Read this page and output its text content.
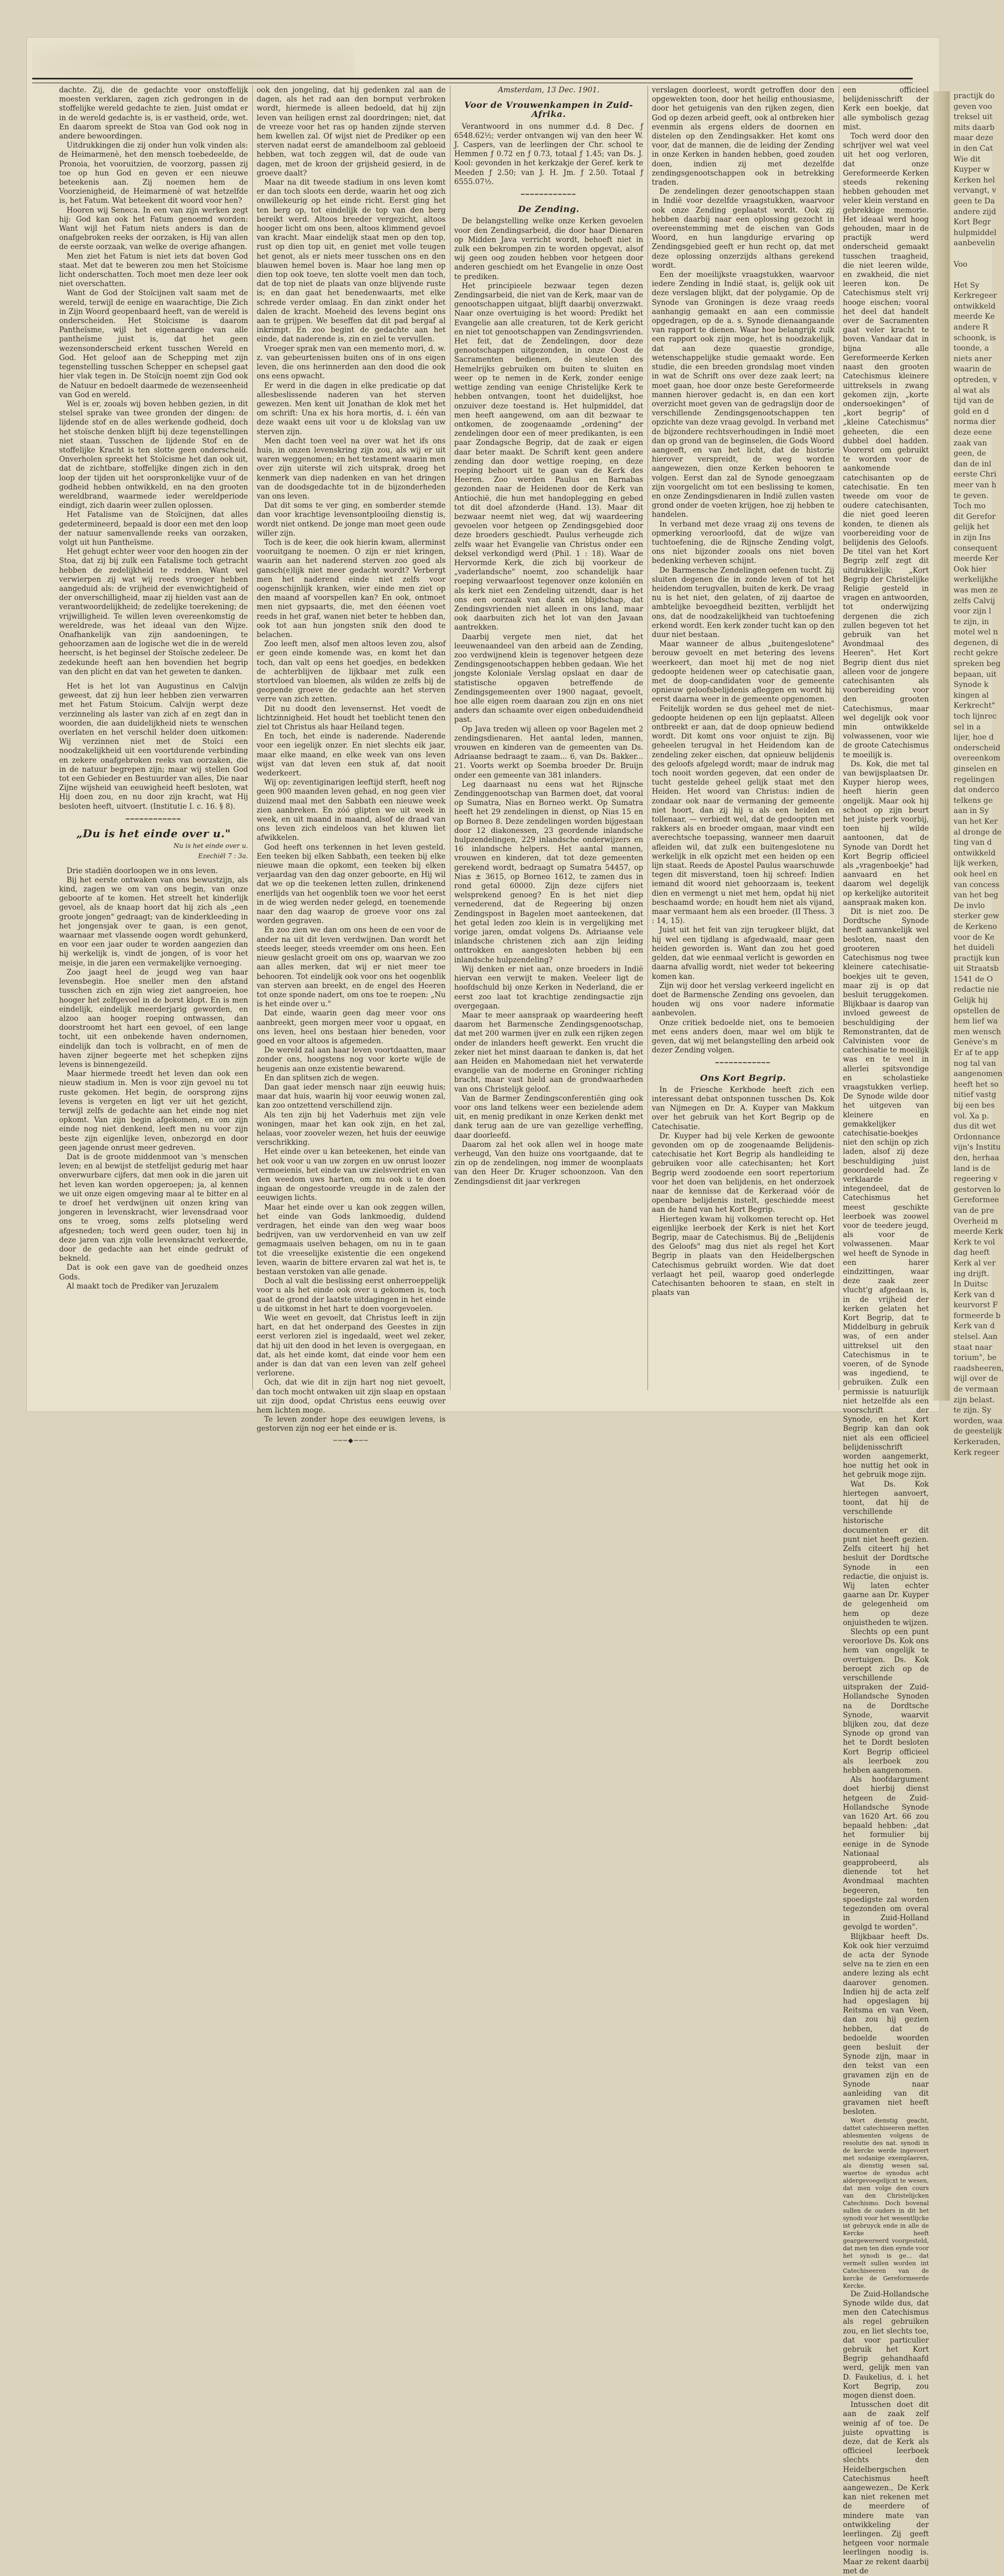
practijk do
geven voo
treksel uit
mits daarb
maar deze
in den Cat
Wie dit
Kuyper w
Kerken hel
vervangt, v
geen te Da
andere zijd
Kort Begr
hulpmiddel
aanbevelin

Voo

Het Sy
Kerkregeer
ontwikkeld
meerde Ke
andere R
schoonk, is
toonde, a
niets aner
waarin de
optreden, v
al wat als
tijd van de
gold en d
norma dier
deze eene
zaak van
geen, de
dan de inl
eerste Chri
meer van h
te geven.
Toch mo
dit Gerefor
gelijk het
in zijn Ins
consequent
meerde Ker
Ook hier
werkelijkhe
was men ze
zelfs Calvij
voor zijn l
te zijn, in
motel wel n
degenen, di
recht gekre
spreken beg
bepaan, uit
Synode k
kingen al
Kerkrecht"
toch lijnrec
sel in a
lijer, hoe d
onderscheid
overeenkom
ginselen en
regelingen
dat onderco
telkens ge
aan in Sy
van het Ker
al dronge de
ting van d
ontwikkeld
lijk werken,
ook heel en
van concess
van het beg
De invlo
sterker gew
de Kerkeno
voor de Ke
het duideli
practijk kun
uit Straatsb
1541 de O
redactie nie
Gelijk hij
opstellen de
hem lief wa
men wensch
Genève's m
Er af te app
nog tal van
aangenomen
heeft het so
nitief vastg
bij een bes
vol. Xa p.
dus dit wet
Ordonnance
vijn's Institu
den, herhaa
land is de
regeering v
gestorven lo
Gereformee
van de pre
Overheid m
meerde Kerk
Kerk te vol
dag heeft
Kerk al ver
ing drijft.
In Duitsc
Kerk van d
keurvorst F
formeerde b
Kerk van d
stelsel. Aan
staat naar
torium", be
raadsheeren,
wijl over de
de vermaan
zijn belast.
te zijn. Sy
worden, waa
de geestelijk
Kerkeraden,
Kerk regeer

dachte. Zij, die de gedachte voor onstoffelijk moesten verklaren, zagen zich gedrongen in de stoffelijke wereld gedachte te zien. Juist omdat er in de wereld gedachte is, is er vastheid, orde, wet. En daarom spreekt de Stoa van God ook nog in andere bewoordingen.

Uitdrukkingen die zij onder hun volk vinden als: de Heimarmenè, het den mensch toebedeelde, de Pronoia, het vooruitzien, de voorzorg, passen zij toe op hun God en geven er een nieuwe beteekenis aan. Zij noemen hem de Voorzienigheid, de Heimarmenè of wat hetzelfde is, het Fatum. Wat beteekent dit woord voor hen?

Hooren wij Seneca. In een van zijn werken zegt hij: God kan ook het Fatum genoemd worden: Want wijl het Fatum niets anders is dan de onafgebroken reeks der oorzaken, is Hij van allen de eerste oorzaak, van welke de overige afhangen.

Men ziet het Fatum is niet iets dat boven God staat. Met dat te beweren zou men het Stoïcisme licht onderschatten. Toch moet men deze leer ook niet overschatten.

Want de God der Stoïcijnen valt saam met de wereld, terwijl de eenige en waarachtige, Die Zich in Zijn Woord geopenbaard heeft, van de wereld is onderscheiden. Het Stoïcisme is daarom Pantheïsme, wijl het eigenaardige van alle pantheïsme juist is, dat het geen wezensonderscheid erkent tusschen Wereld en God. Het geloof aan de Schepping met zijn tegenstelling tusschen Schepper en schepsel gaat hier vlak tegen in. De Stoïcijn noemt zijn God ook de Natuur en bedoelt daarmede de wezenseenheid van God en wereld.

Wel is er, zooals wij boven hebben gezien, in dit stelsel sprake van twee gronden der dingen: de lijdende stof en de alles werkende godheid, doch het stoïsche denken blijft bij deze tegenstellingen niet staan. Tusschen de lijdende Stof en de stoffelijke Kracht is ten slotte geen onderscheid. Onverholen spreekt het Stoïcisme het dan ook uit, dat de zichtbare, stoffelijke dingen zich in den loop der tijden uit het oorspronkelijke vuur of de godheid hebben ontwikkeld, en na den grooten wereldbrand, waarmede ieder wereldperiode eindigt, zich daarin weer zullen oplossen.

Het Fatalisme van de Stoïcijnen, dat alles gedetermineerd, bepaald is door een met den loop der natuur samenvallende reeks van oorzaken, volgt uit hun Pantheïsme.

Het gehugt echter weer voor den hoogen zin der Stoa, dat zij bij zulk een Fatalisme toch getracht hebben de zedelijkheid te redden. Want wel verwierpen zij wat wij reeds vroeger hebben aangeduid als: de vrijheid der evenwichtigheid of der onverschilligheid, maar zij hielden vast aan de verantwoordelijkheid; de zedelijke toerekening; de vrijwilligheid. Te willen leven overeenkomstig de wereldrede, was het ideaal van den Wijze. Onafhankelijk van zijn aandoeningen, te gehoorzamen aan de logische wet die in de wereld heerscht, is het beginsel der Stoïsche zedeleer. De zedekunde heeft aan hen bovendien het begrip van den plicht en dat van het geweten te danken.

Het is het lot van Augustinus en Calvijn geweest, dat zij hun leer hebben zien verwarren met het Fatum Stoicum. Calvijn werpt deze verzinneling als laster van zich af en zegt dan in woorden, die aan duidelijkheid niets te wenschen overlaten en het verschil helder doen uitkomen: Wij verzinnen niet met de Stoïci een noodzakelijkheid uit een voortdurende verbinding en zekere onafgebroken reeks van oorzaken, die in de natuur begrepen zijn; maar wij stellen God tot een Gebieder en Bestuurder van alles, Die naar Zijne wijsheid van eeuwigheid heeft besloten, wat Hij doen zou, en nu door zijn kracht, wat Hij besloten heeft, uitvoert. (Institutie I. c. 16. § 8).

━━━━━━━━━━━━
„Du is het einde over u."
Nu is het einde over u.
Ezechiël 7 : 3a.

Drie stadiën doorloopen we in ons leven.

Bij het eerste ontwaken van ons bewustzijn, als kind, zagen we om van ons begin, van onze geboorte af te komen. Het streelt het kinderlijk gevoel, als de knaap hoort dat hij zich als „een groote jongen" gedraagt; van de kinderkleeding in het jongensjak over te gaan, is een genot, waarnaar met vlassende oogen wordt gehunkerd, en voor een jaar ouder te worden aangezien dan hij werkelijk is, vindt de jongen, of is voor het meisje, in die jaren een vermakelijke vernoeging.

Zoo jaagt heel de jeugd weg van haar levensbegin. Hoe sneller men den afstand tusschen zich en zijn wieg ziet aangroeien, hoe hooger het zelfgevoel in de borst klopt. En is men eindelijk, eindelijk meerderjarig geworden, en alzoo aan hooger roeping ontwassen, dan doorstroomt het hart een gevoel, of een lange tocht, uit een onbekende haven ondernomen, eindelijk dan toch is volbracht, en of men de haven zijner begeerte met het schepken zijns levens is binnengezeild.

Maar hiermede treedt het leven dan ook een nieuw stadium in. Men is voor zijn gevoel nu tot ruste gekomen. Het begin, de oorsprong zijns levens is vergeten en ligt ver uit het gezicht, terwijl zelfs de gedachte aan het einde nog niet opkomt. Van zijn begin afgekomen, en om zijn einde nog niet denkend, leeft men nu voor zijn beste zijn eigenlijke leven, onbezorgd en door geen jagende onrust meer gedreven.

Dat is de groote middenmoot van 's menschen leven; en al bewijst de stetfelijst gedurig met haar onverwurbare cijfers, dat men ook in die jaren uit het leven kan worden opgeroepen; ja, al kennen we uit onze eigen omgeving maar al te bitter en al te droef het verdwijnen uit onzen kring van jongeren in levenskracht, wier levensdraad voor ons te vroeg, soms zelfs plotseling werd afgesneden; toch werd geen ouder, toen hij in deze jaren van zijn volle levenskracht verkeerde, door de gedachte aan het einde gedrukt of bekneld.

Dat is ook een gave van de goedheid onzes Gods.

Al maakt toch de Prediker van Jeruzalem

ook den jongeling, dat hij gedenken zal aan de dagen, als het rad aan den bornput verbroken wordt, hiermede is alleen bedoeld, dat hij zijn leven van heiligen ernst zal doordringen; niet, dat de vreeze voor het ras op handen zijnde sterven hem kwellen zal. Of wijst niet de Prediker op een sterven nadat eerst de amandelboom zal gebloeid hebben, wat toch zeggen wil, dat de oude van dagen, met de kroon der grijsheid gesierd, in de groeve daalt?

Maar na dit tweede stadium in ons leven komt er dan toch sloots een derde, waarin het oog zich onwillekeurig op het einde richt. Eerst ging het ten berg op, tot eindelijk de top van den berg bereikt werd. Altoos breeder vergezicht, altoos hooger licht om ons been, altoos klimmend gevoel van kracht. Maar eindelijk staat men op den top, rust op dien top uit, en geniet met volle teugen het genot, als er niets meer tusschen ons en den blauwen hemel boven is. Maar hoe lang men op dien top ook toeve, ten slotte voelt men dan toch, dat de top niet de plaats van onze blijvende ruste is; en dan gaat het benedenwaarts, met elke schrede verder omlaag. En dan zinkt onder het dalen de kracht. Moeheid des levens begint ons aan te grijpen. We beseffen dat dit pad bergaf al inkrimpt. En zoo begint de gedachte aan het einde, dat naderende is, zin en ziel te vervullen.

Vroeger sprak men van een memento mori, d. w. z. van gebeurtenissen buiten ons of in ons eigen leven, die ons herinnerden aan den dood die ook ons eens opwacht.

Er werd in die dagen in elke predicatie op dat allesbeslissende naderen van het sterven gewezen. Men kent uit Jonathan de klok met het om schrift: Una ex his hora mortis, d. i. één van deze waakt eens uit voor u de klokslag van uw sterven zijn.

Men dacht toen veel na over wat het ifs ons huis, in onzen levenskring zijn zou, als wij er uit waren weggenomen; en het testament waarin men over zijn uiterste wil zich uitsprak, droeg het kenmerk van diep nadenken en van het dringen van de doodsgedachte tot in de bijzonderheden van ons leven.

Dat dit soms te ver ging, en somberder stemde dan voor krachtige levensontplooiïng dienstig is, wordt niet ontkend. De jonge man moet geen oude willer zijn.

Toch is de keer, die ook hierin kwam, allerminst vooruitgang te noemen. O zijn er niet kringen, waarin aan het naderend sterven zoo goed als gansch(e)lijk niet meer gedacht wordt? Verbergt men het naderend einde niet zelfs voor oogenschijnlijk kranken, wier einde men ziet op den maand af voorspellen kan? En ook, ontmoet men niet gypsaarts, die, met den ééenen voet reeds in het graf, wanen niet beter te hebben dan, ook tot aan hun jongsten snik den dood te belachen.

Zoo leeft men, alsof men altoos leven zou, alsof er geen einde komende was, en komt het dan toch, dan valt op eens het goedjes, en bedekken de achterblijven de lijkbaar met zulk een stortvloed van bloemen, als wilden ze zelfs bij de geopende groeve de gedachte aan het sterven verre van zich zetten.

Dit nu doodt den levensernst. Het voedt de lichtzinnigheid. Het houdt het toeblicht tenen den ziel tot Christus als haar Heiland tegen.

En toch, het einde is naderende. Naderende voor een iegelijk onzer. En niet slechts eik jaar, maar elke maand, en elke week van ons leven wijst van dat leven een stuk af, dat nooit wederkeert.

Wij op: zeventiginarigen leeftijd sterft, heeft nog geen 900 maanden leven gehad, en nog geen vier duizend maal met den Sabbath een nieuwe week zien aanbreken. En zóó glipten we uit week in week, en uit maand in maand, alsof de draad van ons leven zich eindeloos van het kluwen liet afwikkelen.

God heeft ons terkennen in het leven gesteld. Een teeken bij elken Sabbath, een teeken bij elke nieuwe maan die opkomt, een teeken bij elken verjaardag van den dag onzer geboorte, en Hij wil dat we op die teekenen letten zullen, drinkenend enerlijds van het oogenblik toen we voor het eerst in de wieg werden neder gelegd, en toenemende naar den dag waarop de groeve voor ons zal worden gegraven.

En zoo zien we dan om ons heen de een voor de ander na uit dit leven verdwijnen. Dan wordt het steeds leeger, steeds vreemder om ons heen. Een nieuw geslacht groeit om ons op, waarvan we zoo aan alles merken, dat wij er niet meer toe behooren. Tot eindelijk ook voor ons het oogenblik van sterven aan breekt, en de engel des Heeren tot onze sponde nadert, om ons toe te roepen: „Nu is het einde over u."

Dat einde, waarin geen dag meer voor ons aanbreekt, geen morgen meer voor u opgaat, en ons leven, heel ons bestaan hier beneden, voor goed en voor altoos is afgemeden.

De wereld zal aan haar leven voortdaatten, maar zonder ons, hoogstens nog voor korte wijle de heugenis aan onze existentie bewarend.

En dan splitsen zich de wegen.

Dan gaat ieder mensch naar zijn eeuwig huis; maar dat huis, waarin hij voor eeuwig wonen zal, kan zoo ontzettend verschillend zijn.

Als ten zijn bij het Vaderhuis met zijn vele woningen, maar het kan ook zijn, en het zal, helaas, voor zooveler wezen, het huis der eeuwige verschrikking.

Het einde over u kan beteekenen, het einde van het ook voor u van uw zorgen en uw onrust loozer vermoeienis, het einde van uw zielsverdriet en van den weedom uws harten, om nu ook u te doen ingaan de ongestoorde vreugde in de zalen der eeuwigen lichts.

Maar het einde over u kan ook zeggen willen, het einde van Gods lankmoedig, duldend verdragen, het einde van den weg waar boos bedrijven, van uw verdorvenheid en van uw zelf gemagmaais uselven behagen, om nu in te gaan tot die vreeselijke existentie die een ongekend leven, waarin de bittere ervaren zal wat het is, te bestaan verstoken van alle genade.

Doch al valt die beslissing eerst onherroeppelijk voor u als het einde ook over u gekomen is, toch gaat de grond der laatste uitdagingen in het einde u de uitkomst in het hart te doen voorgevoelen.

Wie weet en gevoelt, dat Christus leeft in zijn hart, en dat het onderpand des Geestes in zijn eerst verloren ziel is ingedaald, weet wel zeker, dat hij uit den dood in het leven is overgegaan, en dat, als het einde komt, dat einde voor hem een ander is dan dat van een leven van zelf geheel verlorene.

Och, dat wie dit in zijn hart nog niet gevoelt, dan toch mocht ontwaken uit zijn slaap en opstaan uit zijn dood, opdat Christus eens eeuwig over hem lichten moge.

Te leven zonder hope des eeuwigen levens, is gestorven zijn nog eer het einde er is.

───◆───
Amsterdam, 13 Dec. 1901.
Voor de Vrouwenkampen in Zuid-Afrika.

Verantwoord in ons nummer d.d. 8 Dec. ƒ 6548.62½; verder ontvangen wij van den heer W. J. Caspers, van de leerlingen der Chr. school te Hemmen ƒ 0.72 en ƒ 0.73, totaal ƒ 1.45; van Ds. J. Kool: gevonden in het kerkzakje der Geref. kerk te Meeden ƒ 2.50; van J. H. Jm. ƒ 2.50. Totaal ƒ 6555.07½.

━━━━━━━━━━━━
De Zending.

De belangstelling welke onze Kerken gevoelen voor den Zendingsarbeid, die door haar Dienaren op Midden Java verricht wordt, behoeft niet in zulk een bekrompen zin te worden opgevat, alsof wij geen oog zouden hebben voor hetgeen door anderen geschiedt om het Evangelie in onze Oost te prediken.

Het principieele bezwaar tegen dezen Zendingsarbeid, die niet van de Kerk, maar van de genootschappen uitgaat, blijft daarbij onverzwakt. Naar onze overtuiging is het woord: Predikt het Evangelie aan alle creaturen, tot de Kerk gericht en niet tot genootschappen van Zendingsvrienden. Het feit, dat de Zendelingen, door deze genootschappen uitgezonden, in onze Oost de Sacramenten bedienen, de sleutelen des Hemelrijks gebruiken om buiten te sluiten en weer op te nemen in de Kerk, zonder eenige wettige zending van eenige Christelijke Kerk te hebben ontvangen, toont het duidelijkst, hoe onzuiver deze toestand is. Het hulpmiddel, dat men heeft aangewend, om aan dit bezwaar te ontkomen, de zoogenaamde „ordening" der zendelingen door een of meer predikanten, is een paar Zondagsche Begrip, dat de zaak er eigen daar beter maakt. De Schrift kent geen andere zending dan door wettige roeping, en deze roeping behoort uit te gaan van de Kerk des Heeren. Zoo werden Paulus en Barnabas gezonden naar de Heidenen door de Kerk van Antiochië, die hun met handoplegging en gebed tot dit doel afzonderde (Hand. 13). Maar dit bezwaar neemt niet weg, dat wij waardeering gevoelen voor hetgeen op Zendingsgebied door deze broeders geschiedt. Paulus verheugde zich zelfs waar het Evangelie van Christus onder een deksel verkondigd werd (Phil. 1 : 18). Waar de Hervormde Kerk, die zich bij voorkeur de „vaderlandsche" noemt, zoo schandelijk haar roeping verwaarloost tegenover onze koloniën en als kerk niet een Zendeling uitzendt, daar is het ons een oorzaak van dank en blijdschap, dat Zendingsvrienden niet alleen in ons land, maar ook daarbuiten zich het lot van den Javaan aantrekken.

Daarbij vergete men niet, dat het leeuwenaandeel van den arbeid aan de Zending, zoo verdwijnend klein is tegenover hetgeen deze Zendingsgenootschappen hebben gedaan. Wie het jongste Koloniale Verslag opslaat en daar de statistische opgaven betreffende de Zendingsgemeenten over 1900 nagaat, gevoelt, hoe alle eigen roem daaraan zou zijn en ons niet anders dan schaamte over eigen onbeduidendheid past.

Op Java treden wij alleen op voor Bagelen met 2 zendingsdienaren. Het aantal leden, mannen, vrouwen en kinderen van de gemeenten van Ds. Adriaanse bedraagt te zaam... 6, van Ds. Bakker... 21. Voorts werkt op Soemba broeder Dr. Bruijn onder een gemeente van 381 inlanders.

Leg daarnaast nu eens wat het Rijnsche Zendinggenootschap van Barmen doet, dat vooral op Sumatra, Nias en Borneo werkt. Op Sumatra heeft het 29 zendelingen in dienst, op Nias 15 en op Borneo 8. Deze zendelingen worden bijgestaan door 12 diakonessen, 23 geordende inlandsche hulpzendelingen, 229 inlandsche onderwijzers en 16 inlandsche helpers. Het aantal mannen, vrouwen en kinderen, dat tot deze gemeenten gerekend wordt, bedraagt op Sumatra 54457, op Nias ± 3615, op Borneo 1612, te zamen dus in rond getal 60000. Zijn deze cijfers niet welsprekend genoeg? En is het niet diep vernederend, dat de Regeering bij onzen Zendingspost in Bagelen moet aanteekenen, dat het getal leden zoo klein is in vergelijking met vorige jaren, omdat volgens Ds. Adriaanse vele inlandsche christenen zich aan zijn leiding onttrokken en aangesloten hebben bij een inlandsche hulpzendeling?

Wij denken er niet aan, onze broeders in Indië hiervan een verwijt te maken. Veeleer ligt de hoofdschuld bij onze Kerken in Nederland, die er eerst zoo laat tot krachtige zendingsactie zijn overgegaan.

Maar te meer aanspraak op waardeering heeft daarom het Barmensche Zendingsgenootschap, dat met 200 warmen ijver en zulk een rijken zegen onder de inlanders heeft gewerkt. Een vrucht die zeker niet het minst daaraan te danken is, dat het aan Heiden en Mahomedaan niet het verwaterde evangelie van de moderne en Groninger richting bracht, maar vast hield aan de grondwaarheden van ons Christelijk geloof.

Van de Barmer Zendingsconferentiën ging ook voor ons land telkens weer een bezielende adem uit, en menig predikant in onze Kerken denkt met dank terug aan de ure van gezellige verheffing, daar doorleefd.

Daarom zal het ook allen wel in hooge mate verheugd, Van den huize ons voortgaande, dat te zin op de zendelingen, nog immer de woonplaats van den Heer Dr. Kruger schoonzoon. Van den Zendingsdienst dit jaar verkregen

verslagen doorleest, wordt getroffen door den opgewekten toon, door het heilig enthousiasme, door het getuigenis van den rijken zegen, dien God op dezen arbeid geeft, ook al ontbreken hier evenmin als ergens elders de doornen en distelen op den Zendingsakker. Het komt ons voor, dat de mannen, die de leiding der Zending in onze Kerken in handen hebben, goed zouden doen, indien zij met dezelfde zendingsgenootschappen ook in betrekking traden.

De zendelingen dezer genootschappen staan in Indië voor dezelfde vraagstukken, waarvoor ook onze Zending geplaatst wordt. Ook zij hebben daarbij naar een oplossing gezocht in overeenstemming met de eischen van Gods Woord, en hun langdurige ervaring op Zendingsgebied geeft er hun recht op, dat met deze oplossing onzerzijds althans gerekend wordt.

Een der moeilijkste vraagstukken, waarvoor iedere Zending in Indië staat, is, gelijk ook uit deze verslagen blijkt, dat der polygamie. Op de Synode van Groningen is deze vraag reeds aanhangig gemaakt en aan een commissie opgedragen, op de a. s. Synode dienaangaande van rapport te dienen. Waar hoe belangrijk zulk een rapport ook zijn moge, het is noodzakelijk, dat aan deze quaestie grondige, wetenschappelijke studie gemaakt worde. Een studie, die een breeden grondslag moet vinden in wat de Schrift ons over deze zaak leert; na moet gaan, hoe door onze beste Gereformeerde mannen hierover gedacht is, en dan een kort overzicht moet geven van de gedragslijn door de verschillende Zendingsgenootschappen ten opzichte van deze vraag gevolgd. In verband met de bijzondere rechtsverhoudingen in Indië moet dan op grond van de beginselen, die Gods Woord aangeeft, en van het licht, dat de historie hierover verspreidt, de weg worden aangewezen, dien onze Kerken behooren te volgen. Eerst dan zal de Synode genoegzaam zijn voorgelicht om tot een beslissing te komen, en onze Zendingsdienaren in Indië zullen vasten grond onder de voeten krijgen, hoe zij hebben te handelen.

In verband met deze vraag zij ons tevens de opmerking veroorloofd, dat de wijze van tuchtoefening, die de Rijnsche Zending volgt, ons niet bijzonder zooals ons niet boven bedenking verheven schijnt.

De Barmensche Zendelingen oefenen tucht. Zij sluiten degenen die in zonde leven of tot het heidendom terugvallen, buiten de kerk. De vraag nu is het niet, den gelaten, of zij daartoe de ambtelijke bevoegdheid bezitten, verblijdt het ons, dat de noodzakelijkheid van tuchtoefening erkend wordt. Een kerk zonder tucht kan op den duur niet bestaan.

Maar wanneer de albus „buitengeslotene" berouw gevoelt en met betering des levens weerkeert, dan moet hij met de nog niet gedoopte heidenen weer op catechisatie gaan, met de doop-candidaten voor de gemeente opnieuw geloofsbelijdenis afleggen en wordt hij eerst daarna weer in de gemeente opgenomen.

Feitelijk worden se dus geheel met de niet-gedoopte heidenen op een lijn geplaatst. Alleen ontbreekt er aan, dat de doop opnieuw bediend wordt. Dit komt ons voor onjuist te zijn. Bij geheelen terugval in het Heidendom kan de zendeling zeker eischen, dat opnieuw belijdenis des geloofs afgelegd wordt; maar de indruk mag toch nooit worden gegeven, dat een onder de tucht gestelde geheel gelijk staat met den Heiden. Het woord van Christus: indien de zondaar ook naar de vermaning der gemeente niet hoort, dan zij hij u als een heiden en tollenaar, — verbiedt wel, dat de gedoopten met rakkers als en broeder omgaan, maar vindt een averechtsche toepassing, wanneer men daaruit afleiden wil, dat zulk een buitengeslotene nu werkelijk in elk opzicht met een heiden op een lijn staat. Reeds de Apostel Paulus waarschuwde tegen dit misverstand, toen hij schreef: Indien iemand dit woord niet gehoorzaam is, teekent dien en vermengt u niet met hem, opdat hij niet beschaamd worde; en houdt hem niet als vijand, maar vermaant hem als een broeder. (II Thess. 3 : 14, 15).

Juist uit het feit van zijn terugkeer blijkt, dat hij wel een tijdlang is afgedwaald, maar geen heiden geworden is. Want dan zou het goed gelden, dat wie eenmaal verlicht is geworden en daarna afvallig wordt, niet weder tot bekeering komen kan.

Zijn wij door het verslag verkeerd ingelicht en doet de Barmensche Zending ons gevoelen, dan houden wij ons voor nadere informatie aanbevolen.

Onze critiek bedoelde niet, ons te bemoeien met eens anders doen, maar wel om blijk te geven, dat wij met belangstelling den arbeid ook dezer Zending volgen.

━━━━━━━━━━━━
Ons Kort Begrip.

In de Friesche Kerkbode heeft zich een interessant debat ontsponnen tusschen Ds. Kok van Nijmegen en Dr. A. Kuyper van Makkum over het gebruik van het Kort Begrip op de Catechisatie.

Dr. Kuyper had bij vele Kerken de gewoonte gevonden om op de zoogenaamde Belijdenis-catechisatie het Kort Begrip als handleiding te gebruiken voor alle catechisanten; het Kort Begrip werd zoodoende een soort repertorium voor het doen van belijdenis, en het onderzoek naar de kennisse dat de Kerkeraad vóór de openbare belijdenis instelt, geschiedde meest aan de hand van het Kort Begrip.

Hiertegen kwam hij volkomen terecht op. Het eigenlijke leerboek der Kerk is niet het Kort Begrip, maar de Catechismus. Bij de „Belijdenis des Geloofs" mag dus niet als regel het Kort Begrip in plaats van den Heidelbergschen Catechismus gebruikt worden. Wie dat doet verlaagt het peil, waarop goed onderlegde Catechisanten behooren te staan, en stelt in plaats van

een officieel belijdenisschrift der Kerk een boekje, dat alle symbolisch gezag mist.

Toch werd door den schrijver wel wat veel uit het oog verloren, dat onze Gereformeerde Kerken steeds rekening hebben gehouden met veler klein verstand en gebrekkige memorie. Het ideaal werd hoog gehouden, maar in de practijk werd onderscheid gemaakt tusschen traagheid, die niet leeren wilde, en zwakheid, die niet leeren kon. De Catechismus stelt vrij hooge eischen; vooral het deel dat handelt over de Sacramenten gaat veler kracht te boven. Vandaar dat in bijna alle Gereformeerde Kerken naast den grooten Catechismus kleinere uittreksels in zwang gekomen zijn, „korte ondersoekingen" of „kort begrip" of „kleine Catechismus" geheeten, die een dubbel doel hadden. Voorerst om gebruikt te worden voor de aankomende catechisanten op de catechisatie. En ten tweede om voor de oudere catechisanten, die niet goed leeren konden, te dienen als voorbereiding voor de belijdenis des Geloofs. De titel van het Kort Begrip zelf zegt dit uitdrukkelijk: „Kort Begrip der Christelijke Religie gesteld in vragen en antwoorden, tot onderwijzing dergenen die zich zullen begeven tot het gebruik van het Avondmaal des Heeren". Het Kort Begrip dient dus niet alleen voor de jongere catechisanten als voorbereiding voor den grooten Catechismus, maar wel degelijk ook voor min ontwikkelde volwassenen, voor wie de groote Catechismus te moeilijk is.

Ds. Kok, die met tal van bewijsplaatsen Dr. Kuyper hierop wees, heeft hierin geen ongelijk. Maar ook hij schoot op zijn beurt het juiste perk voorbij, toen hij wilde aantoonen, dat de Synode van Dordt het Kort Begrip officieel als „vragenboekje" had aanvaard en het daarom wel degelijk op kerkelijke autoriteit aanspraak maken kon.

Dit is niet zoo. De Dordtsche Synode heeft aanvankelijk wel besloten, naast den grooteren Catechismus nog twee kleinere catechisatie-boekjes uit te geven, maar zij is op dat besluit teruggekomen. Blijkbaar is daarop van invloed geweest de beschuldiging der Remonstranten, dat de Calvinisten voor de catechisatie te moeilijk was en te veel in allerlei spitsvondige en scholastieke vraagstukken verliep. De Synode wilde door het uitgeven van kleinere en gemakkelijker catechisatie-boekjes niet den schijn op zich laden, alsof zij deze beschuldiging juist geoordeeld had. Ze verklaarde integendeel, dat de Catechismus het meest geschikte leerboek was zoowel voor de teedere jeugd, als voor de volwassenen. Maar wel heeft de Synode in een harer eindzittingen, waar deze zaak zeer vlucht'g afgedaan is, in de vrijheid der kerken gelaten het Kort Begrip, dat te Middelburg in gebruik was, of een ander uittreksel uit den Catechismus in te voeren, of de Synode was ingediend, te gebruiken. Zulk een permissie is natuurlijk niet hetzelfde als een voorschrift der Synode, en het Kort Begrip kan dan ook niet als een officieel belijdenisschrift worden aangemerkt, hoe nuttig het ook in het gebruik moge zijn.

Wat Ds. Kok hiertegen aanvoert, toont, dat hij de verschillende historische documenten er dit punt niet heeft gezien. Zelfs citeert hij het besluit der Dordtsche Synode in een redactie, die onjuist is. Wij laten echter gaarne aan Dr. Kuyper de gelegenheid om hem op deze onjuistheden te wijzen.

Slechts op een punt veroorlove Ds. Kok ons hem van ongelijk te overtuigen. Ds. Kok beroept zich op de verschillende uitspraken der Zuid-Hollandsche Synoden na de Dordtsche Synode, waarvit blijken zou, dat deze Synode op grond van het te Dordt besloten Kort Begrip officieel als leerboek zou hebben aangenomen.

Als hoofdargument doet hierbij dienst hetgeen de Zuid-Hollandsche Synode van 1620 Art. 66 zou bepaald hebben: „dat het formulier bij eenige in de Synode Nationaal geapprobeerd, als dienende tot het Avondmaal machten begeeren, ten spoedigste zal worden tegezonden om overal in Zuid-Holland gevolgd te worden".

Blijkbaar heeft Ds. Kok ook hier verzuimd de acta der Synode selve na te zien en een andere lezing als echt daarover genomen. Indien hij de acta zelf had opgeslagen bij Reitsma en van Veen, dan zou hij gezien hebben, dat de bedoelde woorden geen besluit der Synode zijn, maar in den tekst van een gravamen zijn en de Synode naar aanleiding van dit gravamen niet heeft besloten.

Wort dienstig geacht, dattet catechiseeren metten ablesmenten volgens de resolutie des nat. synodi in de kercke werde ingevoert met sodanige exemplaeren, als dienstig wesen sal, waertoe de synodus acht aldergevoegelijcxt te wesen, dat men volge den cours van den Christelijcken Catechismo. Doch bovenal sullen de ouders in dit het synodi voor het wesentlijcke ist gebruyck ende in alle de Kercke heeft geargewereerd voorgesteld, dat men ten dien eynde voor het synodi is ge... dat vermelt sullen worden int Catechiseeren van de kercke de Gereformeerde Kercke.

De Zuid-Hollandsche Synode wilde dus, dat men den Catechismus als regel gebruiken zou, en liet slechts toe, dat voor particulier gebruik het Kort Begrip gehandhaafd werd, gelijk men van D. Faukelius, d. i. het Kort Begrip, zou mogen dienst doen.

Intusschen doet dit aan de zaak zelf weinig af of toe. De juiste opvatting is deze, dat de Kerk als officieel leerboek slechts den Heidelbergschen Catechismus heeft aangewezen., De Kerk kan niet rekenen met de meerdere of mindere mate van ontwikkeling der leerlingen. Zij geeft hetgeen voor normale leerlingen noodig is. Maar ze rekent daarbij met de
